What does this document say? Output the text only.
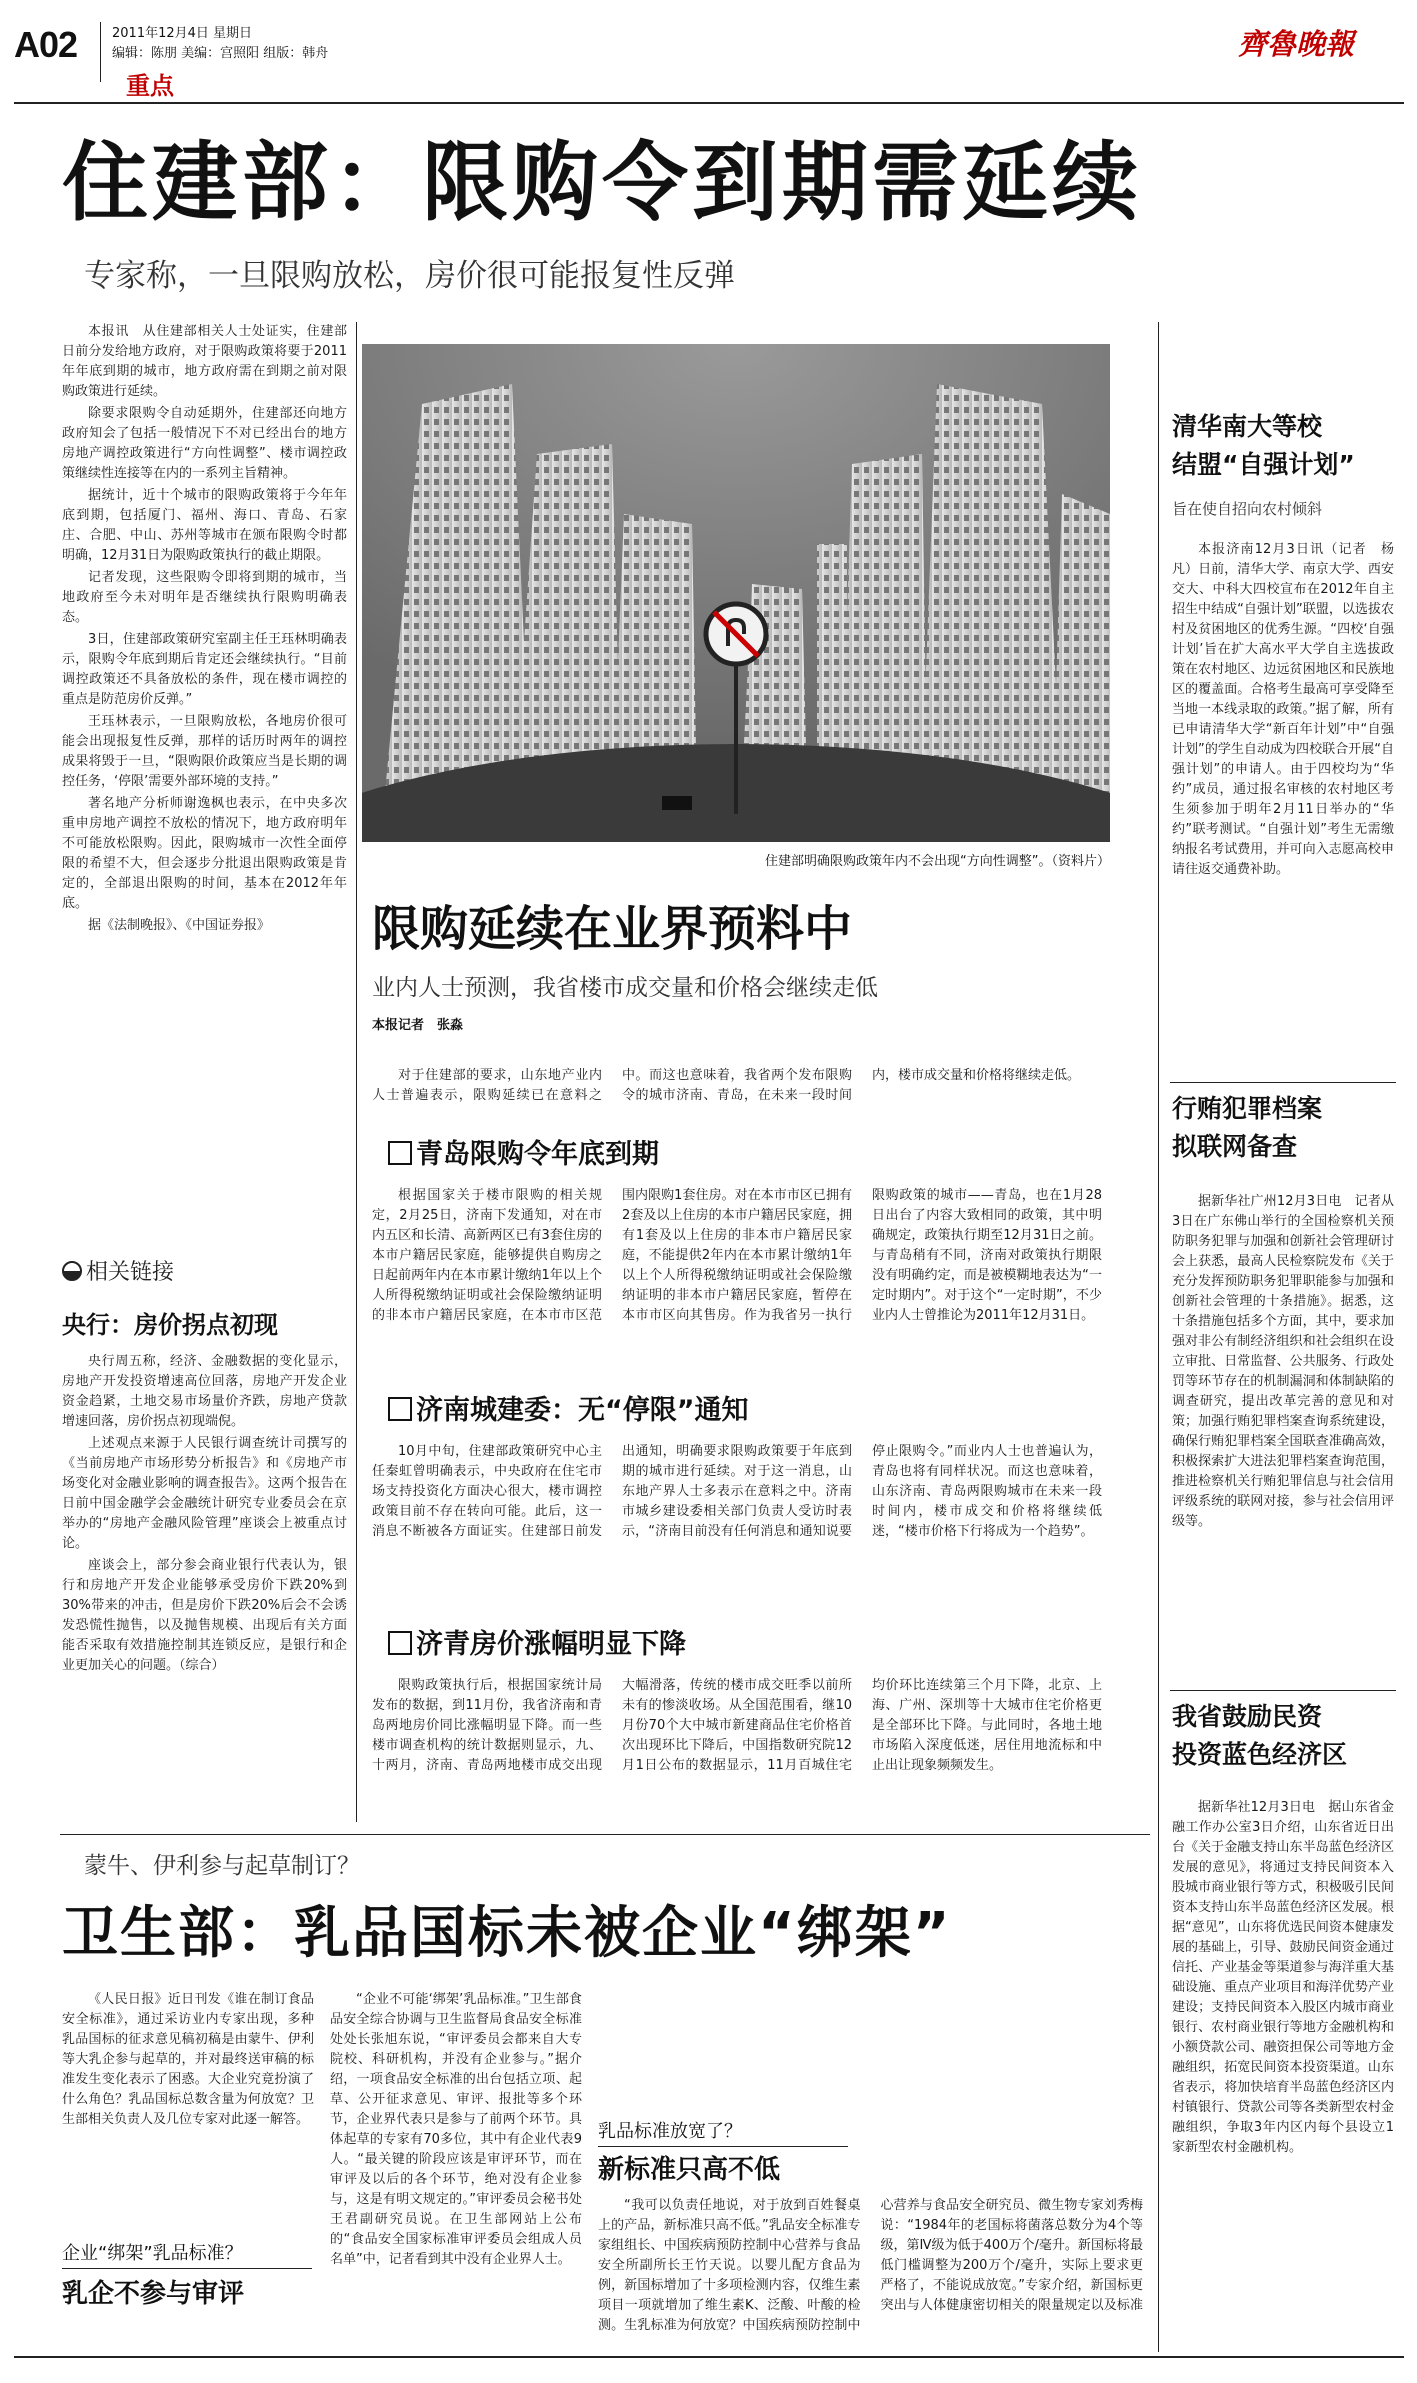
A02	2011年12月4日 星期日
编辑：陈朋 美编：宫照阳 组版：韩舟
重点
齊魯晚報
住建部：限购令到期需延续
专家称，一旦限购放松，房价很可能报复性反弹

本报讯　从住建部相关人士处证实，住建部日前分发给地方政府，对于限购政策将要于2011年年底到期的城市，地方政府需在到期之前对限购政策进行延续。

除要求限购令自动延期外，住建部还向地方政府知会了包括一般情况下不对已经出台的地方房地产调控政策进行“方向性调整”、楼市调控政策继续性连接等在内的一系列主旨精神。

据统计，近十个城市的限购政策将于今年年底到期，包括厦门、福州、海口、青岛、石家庄、合肥、中山、苏州等城市在颁布限购令时都明确，12月31日为限购政策执行的截止期限。

记者发现，这些限购令即将到期的城市，当地政府至今未对明年是否继续执行限购明确表态。

3日，住建部政策研究室副主任王珏林明确表示，限购令年底到期后肯定还会继续执行。“目前调控政策还不具备放松的条件，现在楼市调控的重点是防范房价反弹。”

王珏林表示，一旦限购放松，各地房价很可能会出现报复性反弹，那样的话历时两年的调控成果将毁于一旦，“限购限价政策应当是长期的调控任务，‘停限’需要外部环境的支持。”

著名地产分析师谢逸枫也表示，在中央多次重申房地产调控不放松的情况下，地方政府明年不可能放松限购。因此，限购城市一次性全面停限的希望不大，但会逐步分批退出限购政策是肯定的，全部退出限购的时间，基本在2012年年底。

据《法制晚报》、《中国证券报》

相关链接
央行：房价拐点初现

央行周五称，经济、金融数据的变化显示，房地产开发投资增速高位回落，房地产开发企业资金趋紧，土地交易市场量价齐跌，房地产贷款增速回落，房价拐点初现端倪。

上述观点来源于人民银行调查统计司撰写的《当前房地产市场形势分析报告》和《房地产市场变化对金融业影响的调查报告》。这两个报告在日前中国金融学会金融统计研究专业委员会在京举办的“房地产金融风险管理”座谈会上被重点讨论。

座谈会上，部分参会商业银行代表认为，银行和房地产开发企业能够承受房价下跌20%到30%带来的冲击，但是房价下跌20%后会不会诱发恐慌性抛售，以及抛售规模、出现后有关方面能否采取有效措施控制其连锁反应，是银行和企业更加关心的问题。（综合）

住建部明确限购政策年内不会出现“方向性调整”。（资料片）
限购延续在业界预料中
业内人士预测，我省楼市成交量和价格会继续走低
本报记者　张淼

对于住建部的要求，山东地产业内人士普遍表示，限购延续已在意料之中。而这也意味着，我省两个发布限购令的城市济南、青岛，在未来一段时间内，楼市成交量和价格将继续走低。

青岛限购令年底到期

根据国家关于楼市限购的相关规定，2月25日，济南下发通知，对在市内五区和长清、高新两区已有3套住房的本市户籍居民家庭，能够提供自购房之日起前两年内在本市累计缴纳1年以上个人所得税缴纳证明或社会保险缴纳证明的非本市户籍居民家庭，在本市市区范围内限购1套住房。对在本市市区已拥有2套及以上住房的本市户籍居民家庭，拥有1套及以上住房的非本市户籍居民家庭，不能提供2年内在本市累计缴纳1年以上个人所得税缴纳证明或社会保险缴纳证明的非本市户籍居民家庭，暂停在本市市区向其售房。作为我省另一执行限购政策的城市——青岛，也在1月28日出台了内容大致相同的政策，其中明确规定，政策执行期至12月31日之前。与青岛稍有不同，济南对政策执行期限没有明确约定，而是被模糊地表达为“一定时期内”。对于这个“一定时期”，不少业内人士曾推论为2011年12月31日。

济南城建委：无“停限”通知

10月中旬，住建部政策研究中心主任秦虹曾明确表示，中央政府在住宅市场支持投资化方面决心很大，楼市调控政策目前不存在转向可能。此后，这一消息不断被各方面证实。住建部日前发出通知，明确要求限购政策要于年底到期的城市进行延续。对于这一消息，山东地产界人士多表示在意料之中。济南市城乡建设委相关部门负责人受访时表示，“济南目前没有任何消息和通知说要停止限购令。”而业内人士也普遍认为，青岛也将有同样状况。而这也意味着，山东济南、青岛两限购城市在未来一段时间内，楼市成交和价格将继续低迷，“楼市价格下行将成为一个趋势”。

济青房价涨幅明显下降

限购政策执行后，根据国家统计局发布的数据，到11月份，我省济南和青岛两地房价同比涨幅明显下降。而一些楼市调查机构的统计数据则显示，九、十两月，济南、青岛两地楼市成交出现大幅滑落，传统的楼市成交旺季以前所未有的惨淡收场。从全国范围看，继10月份70个大中城市新建商品住宅价格首次出现环比下降后，中国指数研究院12月1日公布的数据显示，11月百城住宅均价环比连续第三个月下降，北京、上海、广州、深圳等十大城市住宅价格更是全部环比下降。与此同时，各地土地市场陷入深度低迷，居住用地流标和中止出让现象频频发生。

蒙牛、伊利参与起草制订？
卫生部：乳品国标未被企业“绑架”

《人民日报》近日刊发《谁在制订食品安全标准》，通过采访业内专家出现，多种乳品国标的征求意见稿初稿是由蒙牛、伊利等大乳企参与起草的，并对最终送审稿的标准发生变化表示了困惑。大企业究竟扮演了什么角色？乳品国标总数含量为何放宽？卫生部相关负责人及几位专家对此逐一解答。

企业“绑架”乳品标准？
乳企不参与审评

“企业不可能‘绑架’乳品标准。”卫生部食品安全综合协调与卫生监督局食品安全标准处处长张旭东说，“审评委员会都来自大专院校、科研机构，并没有企业参与。”据介绍，一项食品安全标准的出台包括立项、起草、公开征求意见、审评、报批等多个环节，企业界代表只是参与了前两个环节。具体起草的专家有70多位，其中有企业代表9人。“最关键的阶段应该是审评环节，而在审评及以后的各个环节，绝对没有企业参与，这是有明文规定的。”审评委员会秘书处王君副研究员说。在卫生部网站上公布的“食品安全国家标准审评委员会组成人员名单”中，记者看到其中没有企业界人士。

乳品标准放宽了？
新标准只高不低

“我可以负责任地说，对于放到百姓餐桌上的产品，新标准只高不低。”乳品安全标准专家组组长、中国疾病预防控制中心营养与食品安全所副所长王竹天说。以婴儿配方食品为例，新国标增加了十多项检测内容，仅维生素项目一项就增加了维生素K、泛酸、叶酸的检测。生乳标准为何放宽？中国疾病预防控制中心营养与食品安全研究员、微生物专家刘秀梅说：“1984年的老国标将菌落总数分为4个等级，第Ⅳ级为低于400万个/毫升。新国标将最低门槛调整为200万个/毫升，实际上要求更严格了，不能说成放宽。”专家介绍，新国标更突出与人体健康密切相关的限量规定以及标准　

清华南大等校
结盟“自强计划”
旨在使自招向农村倾斜

本报济南12月3日讯（记者　杨凡）日前，清华大学、南京大学、西安交大、中科大四校宣布在2012年自主招生中结成“自强计划”联盟，以选拔农村及贫困地区的优秀生源。“四校‘自强计划’旨在扩大高水平大学自主选拔政策在农村地区、边远贫困地区和民族地区的覆盖面。合格考生最高可享受降至当地一本线录取的政策。”据了解，所有已申请清华大学“新百年计划”中“自强计划”的学生自动成为四校联合开展“自强计划”的申请人。由于四校均为“华约”成员，通过报名审核的农村地区考生须参加于明年2月11日举办的“华约”联考测试。“自强计划”考生无需缴纳报名考试费用，并可向入志愿高校申请往返交通费补助。

行贿犯罪档案
拟联网备查

据新华社广州12月3日电　记者从3日在广东佛山举行的全国检察机关预防职务犯罪与加强和创新社会管理研讨会上获悉，最高人民检察院发布《关于充分发挥预防职务犯罪职能参与加强和创新社会管理的十条措施》。据悉，这十条措施包括多个方面，其中，要求加强对非公有制经济组织和社会组织在设立审批、日常监督、公共服务、行政处罚等环节存在的机制漏洞和体制缺陷的调查研究，提出改革完善的意见和对策；加强行贿犯罪档案查询系统建设，确保行贿犯罪档案全国联查准确高效，积极探索扩大进法犯罪档案查询范围，推进检察机关行贿犯罪信息与社会信用评级系统的联网对接，参与社会信用评级等。

我省鼓励民资
投资蓝色经济区

据新华社12月3日电　据山东省金融工作办公室3日介绍，山东省近日出台《关于金融支持山东半岛蓝色经济区发展的意见》，将通过支持民间资本入股城市商业银行等方式，积极吸引民间资本支持山东半岛蓝色经济区发展。根据“意见”，山东将优选民间资本健康发展的基础上，引导、鼓励民间资金通过信托、产业基金等渠道参与海洋重大基础设施、重点产业项目和海洋优势产业建设；支持民间资本入股区内城市商业银行、农村商业银行等地方金融机构和小额贷款公司、融资担保公司等地方金融组织，拓宽民间资本投资渠道。山东省表示，将加快培育半岛蓝色经济区内村镇银行、贷款公司等各类新型农村金融组织，争取3年内区内每个县设立1家新型农村金融机构。
